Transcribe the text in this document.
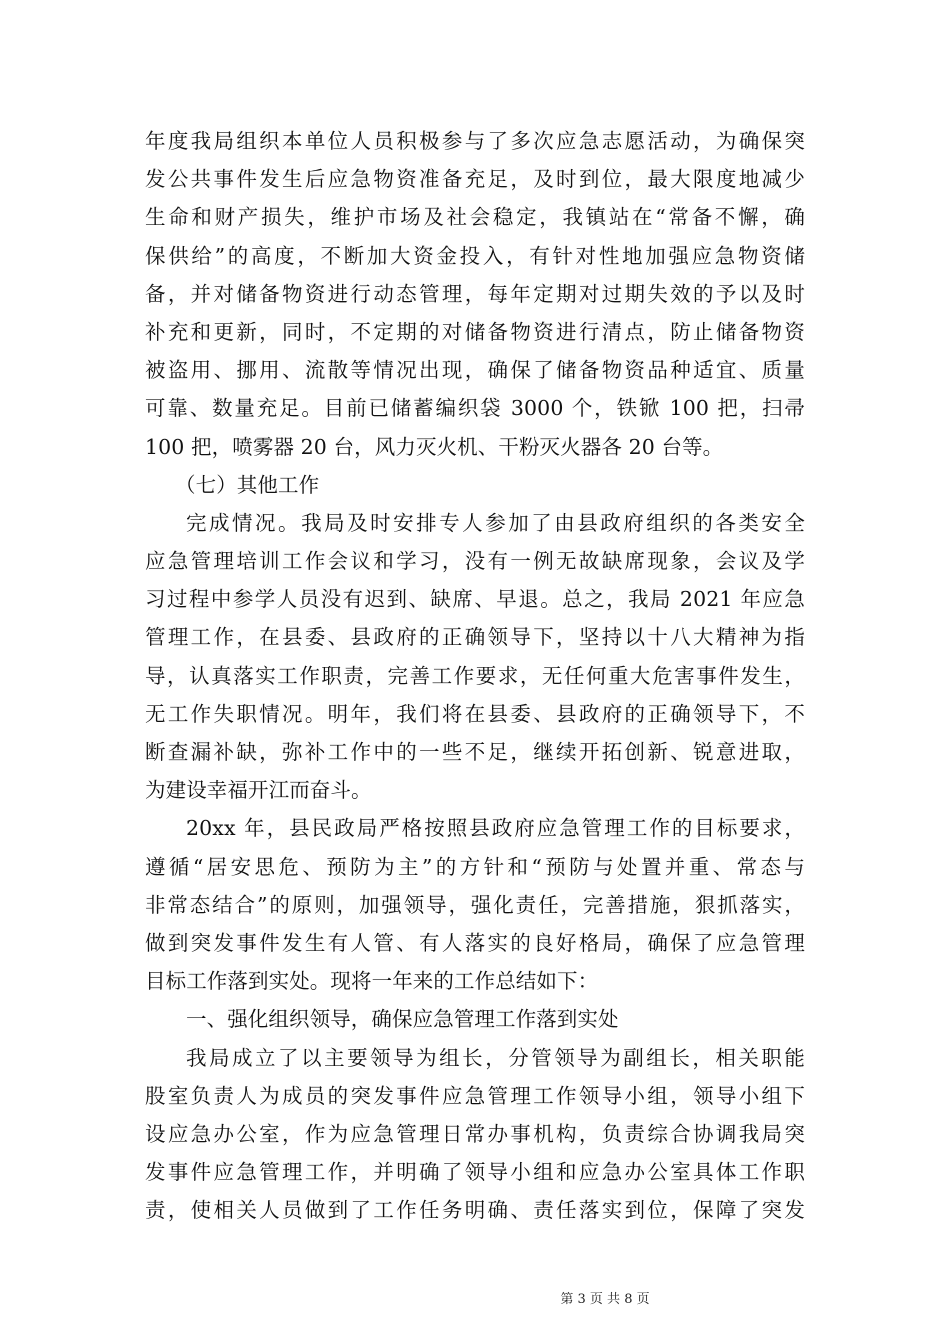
年度我局组织本单位人员积极参与了多次应急志愿活动，为确保突
发公共事件发生后应急物资准备充足，及时到位，最大限度地减少
生命和财产损失，维护市场及社会稳定，我镇站在“常备不懈，确
保供给”的高度，不断加大资金投入，有针对性地加强应急物资储
备，并对储备物资进行动态管理，每年定期对过期失效的予以及时
补充和更新，同时，不定期的对储备物资进行清点，防止储备物资
被盗用、挪用、流散等情况出现，确保了储备物资品种适宜、质量
可靠、数量充足。目前已储蓄编织袋 3000 个，铁锨 100 把，扫帚
100 把，喷雾器 20 台，风力灭火机、干粉灭火器各 20 台等。
（七）其他工作
完成情况。我局及时安排专人参加了由县政府组织的各类安全
应急管理培训工作会议和学习，没有一例无故缺席现象，会议及学
习过程中参学人员没有迟到、缺席、早退。总之，我局 2021 年应急
管理工作，在县委、县政府的正确领导下，坚持以十八大精神为指
导，认真落实工作职责，完善工作要求，无任何重大危害事件发生，
无工作失职情况。明年，我们将在县委、县政府的正确领导下，不
断查漏补缺，弥补工作中的一些不足，继续开拓创新、锐意进取，
为建设幸福开江而奋斗。
20xx 年，县民政局严格按照县政府应急管理工作的目标要求，
遵循“居安思危、预防为主”的方针和“预防与处置并重、常态与
非常态结合”的原则，加强领导，强化责任，完善措施，狠抓落实，
做到突发事件发生有人管、有人落实的良好格局，确保了应急管理
目标工作落到实处。现将一年来的工作总结如下：
一、强化组织领导，确保应急管理工作落到实处
我局成立了以主要领导为组长，分管领导为副组长，相关职能
股室负责人为成员的突发事件应急管理工作领导小组，领导小组下
设应急办公室，作为应急管理日常办事机构，负责综合协调我局突
发事件应急管理工作，并明确了领导小组和应急办公室具体工作职
责，使相关人员做到了工作任务明确、责任落实到位，保障了突发
第 3 页 共 8 页
